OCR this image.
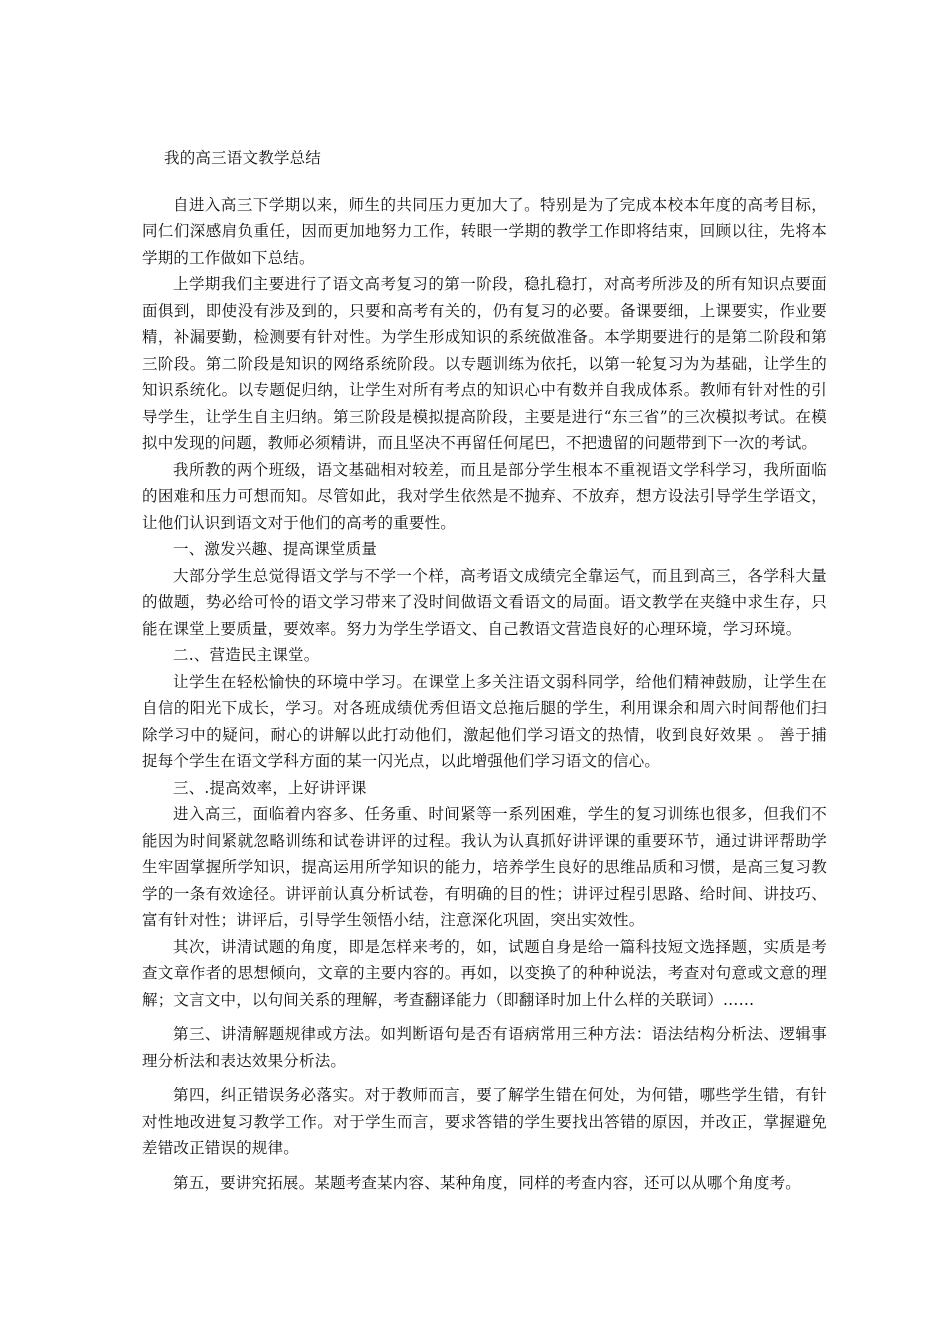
我的高三语文教学总结

自进入高三下学期以来，师生的共同压力更加大了。特别是为了完成本校本年度的高考目标，同仁们深感肩负重任，因而更加地努力工作，转眼一学期的教学工作即将结束，回顾以往，先将本学期的工作做如下总结。

上学期我们主要进行了语文高考复习的第一阶段，稳扎稳打，对高考所涉及的所有知识点要面面俱到，即使没有涉及到的，只要和高考有关的，仍有复习的必要。备课要细，上课要实，作业要精，补漏要勤，检测要有针对性。为学生形成知识的系统做准备。本学期要进行的是第二阶段和第三阶段。第二阶段是知识的网络系统阶段。以专题训练为依托，以第一轮复习为为基础，让学生的知识系统化。以专题促归纳，让学生对所有考点的知识心中有数并自我成体系。教师有针对性的引导学生，让学生自主归纳。第三阶段是模拟提高阶段，主要是进行“东三省”的三次模拟考试。在模拟中发现的问题，教师必须精讲，而且坚决不再留任何尾巴，不把遗留的问题带到下一次的考试。

我所教的两个班级，语文基础相对较差，而且是部分学生根本不重视语文学科学习，我所面临的困难和压力可想而知。尽管如此，我对学生依然是不抛弃、不放弃，想方设法引导学生学语文，让他们认识到语文对于他们的高考的重要性。

一、激发兴趣、提高课堂质量

大部分学生总觉得语文学与不学一个样，高考语文成绩完全靠运气，而且到高三，各学科大量的做题，势必给可怜的语文学习带来了没时间做语文看语文的局面。语文教学在夹缝中求生存，只能在课堂上要质量，要效率。努力为学生学语文、自己教语文营造良好的心理环境，学习环境。

二.、营造民主课堂。

让学生在轻松愉快的环境中学习。在课堂上多关注语文弱科同学，给他们精神鼓励，让学生在自信的阳光下成长，学习。对各班成绩优秀但语文总拖后腿的学生，利用课余和周六时间帮他们扫除学习中的疑问，耐心的讲解以此打动他们，激起他们学习语文的热情，收到良好效果 。 善于捕捉每个学生在语文学科方面的某一闪光点，以此增强他们学习语文的信心。

三、.提高效率，上好讲评课

进入高三，面临着内容多、任务重、时间紧等一系列困难，学生的复习训练也很多，但我们不能因为时间紧就忽略训练和试卷讲评的过程。我认为认真抓好讲评课的重要环节，通过讲评帮助学生牢固掌握所学知识，提高运用所学知识的能力，培养学生良好的思维品质和习惯，是高三复习教学的一条有效途径。讲评前认真分析试卷，有明确的目的性；讲评过程引思路、给时间、讲技巧、富有针对性；讲评后，引导学生领悟小结，注意深化巩固，突出实效性。

其次，讲清试题的角度，即是怎样来考的，如，试题自身是给一篇科技短文选择题，实质是考查文章作者的思想倾向，文章的主要内容的。再如，以变换了的种种说法，考查对句意或文意的理解；文言文中，以句间关系的理解，考查翻译能力（即翻译时加上什么样的关联词）……

第三、讲清解题规律或方法。如判断语句是否有语病常用三种方法：语法结构分析法、逻辑事理分析法和表达效果分析法。

第四，纠正错误务必落实。对于教师而言，要了解学生错在何处，为何错，哪些学生错，有针对性地改进复习教学工作。对于学生而言，要求答错的学生要找出答错的原因，并改正，掌握避免差错改正错误的规律。

第五，要讲究拓展。某题考查某内容、某种角度，同样的考查内容，还可以从哪个角度考。
